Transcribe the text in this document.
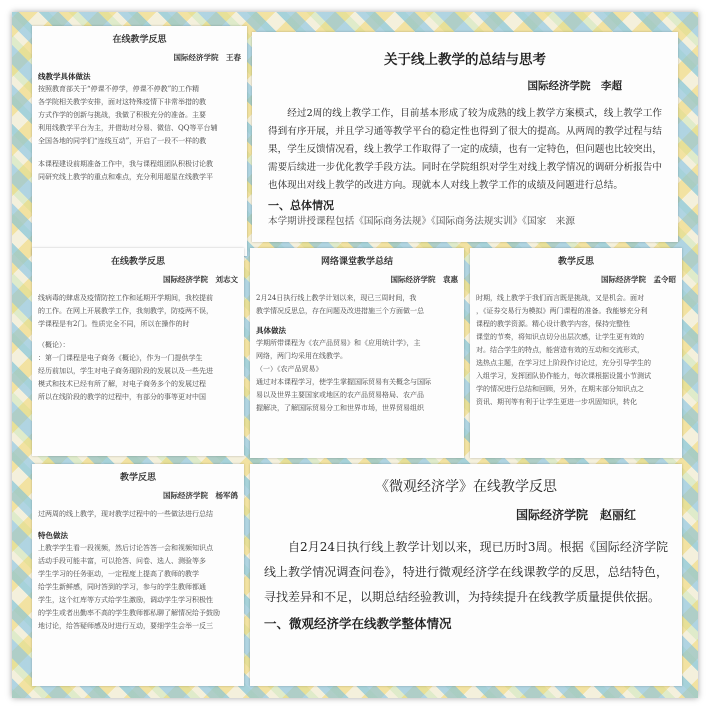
在线教学反思
国际经济学院　王春
线教学具体做法
按照教育部关于“停课不停学，停课不停教”的工作精
各学院相关教学安排，面对这特殊疫情下非常举措的教
方式作学的创新与挑战，我做了积极充分的准备。主要
利用线教学平台为主，并借助对分易、微信、QQ等平台辅
全国各地的同学们“连线互动”，开启了一段不一样的教
本课程建设前期准备工作中，我与课程组团队积极讨论教
同研究线上教学的重点和难点，充分利用超星在线教学平
关于线上教学的总结与思考
国际经济学院　李超
经过2周的线上教学工作，目前基本形成了较为成熟的线上教学方案模式，线上教学工作得到有序开展，并且学习通等教学平台的稳定性也得到了很大的提高。从两周的教学过程与结果，学生反馈情况看，线上教学工作取得了一定的成绩，也有一定特色，但问题也比较突出，需要后续进一步优化教学手段方法。同时在学院组织对学生对线上教学情况的调研分析报告中也体现出对线上教学的改进方向。现就本人对线上教学工作的成绩及问题进行总结。
一、总体情况
本学期讲授课程包括《国际商务法规》《国际商务法规实训》《国家　来源
在线教学反思
国际经济学院　刘志文
线病毒的肆虐及疫情防控工作和延期开学期间，我校提前
的工作。在网上开展教学工作，我刻教学，防疫两不误，
学课程是有2门。性质完全不同，所以在操作的时
（概论）：
：第一门课程是电子商务《概论》，作为一门提供学生
经历前加以，学生对电子商务现阶段的发展以及一些先进
模式和技术已经有所了解，对电子商务多个的发展过程
所以在线阶段的教学的过程中，有部分的事等更对中国
网络课堂教学总结
国际经济学院　袁惠
2月24日执行线上教学计划以来，现已三周时间，我
教学情况反思总，存在问题及改进措施三个方面做一总
具体做法
学期所带课程为《农产品贸易》和《应用统计学》，主
网络，两门均采用在线教学。
（一）《农产品贸易》
通过对本课程学习，使学生掌握国际贸易有关概念与国际
易以及世界主要国家或地区的农产品贸易格局、农产品
握解决，了解国际贸易分工和世界市场，世界贸易组织
教学反思
国际经济学院　孟令昭
时期，线上教学于我们而言既是挑战，又是机会。面对
，《证券交易行为模拟》两门课程的准备。我能够充分利
课程的教学资源。精心设计教学内容，保持完整性
课堂的节奏，将知识点切分出层次感，让学生更有效的
对。结合学生的特点，能营造有效的互动和交流形式，
选热点主题，在学习过上阶段作讨论过，充分引导学生的
入组学习，发挥团队协作能力，每次课根据设置小节测试
学的情况进行总结和回顾，另外，在期末部分知识点之
资讯、期刊等有利于让学生更进一步巩固知识，转化
教学反思
国际经济学院　杨军鸽
过两周的线上教学，现对教学过程中的一些做法进行总结
特色做法
上教学学生看一段视频，然后讨论答答一会和视频知识点
活动手段可能丰富，可以抢答、问卷、选人、测验等多
学生学习的任务驱动，一定程度上提高了教师的教学
给学生新鲜感，同时答到的学习，参与的学生教师都通
学生，这个红库等方式给学生激励，调动学生学习积极性
的学生或者出勤率不高的学生教师都私聊了解情况给予鼓励
地讨论，给答疑师感及时进行互动，要细学生会举一反三
《微观经济学》在线教学反思
国际经济学院　赵丽红
自2月24日执行线上教学计划以来，现已历时3周。根据《国际经济学院线上教学情况调查问卷》，特进行微观经济学在线课教学的反思，总结特色，寻找差异和不足，以期总结经验教训，为持续提升在线教学质量提供依据。
一、微观经济学在线教学整体情况
